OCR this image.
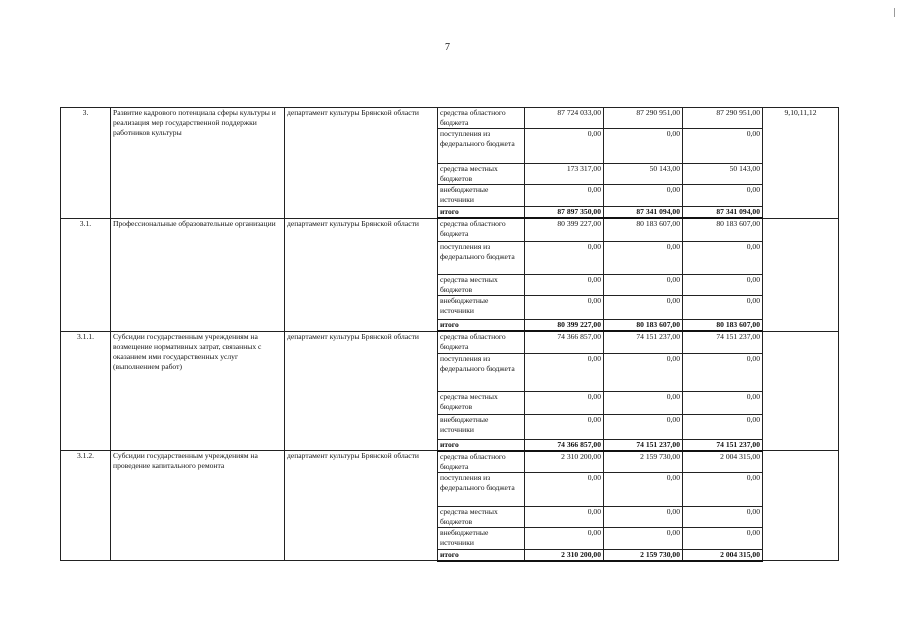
7
3.	Развитие кадрового потенциала сферы культуры и реализация мер государственной поддержки работников культуры	департамент культуры Брянской области	средства областного бюджета	87 724 033,00	87 290 951,00	87 290 951,00	9,10,11,12
			поступления из федерального бюджета	0,00	0,00	0,00	
			средства местных бюджетов	173 317,00	50 143,00	50 143,00	
			внебюджетные источники	0,00	0,00	0,00	
			итого	87 897 350,00	87 341 094,00	87 341 094,00	
3.1.	Профессиональные образовательные организации	департамент культуры Брянской области	средства областного бюджета	80 399 227,00	80 183 607,00	80 183 607,00	
			поступления из федерального бюджета	0,00	0,00	0,00	
			средства местных бюджетов	0,00	0,00	0,00	
			внебюджетные источники	0,00	0,00	0,00	
			итого	80 399 227,00	80 183 607,00	80 183 607,00	
3.1.1.	Субсидии государственным учреждениям на возмещение нормативных затрат, связанных с оказанием ими государственных услуг (выполнением работ)	департамент культуры Брянской области	средства областного бюджета	74 366 857,00	74 151 237,00	74 151 237,00	
			поступления из федерального бюджета	0,00	0,00	0,00	
			средства местных бюджетов	0,00	0,00	0,00	
			внебюджетные источники	0,00	0,00	0,00	
			итого	74 366 857,00	74 151 237,00	74 151 237,00	
3.1.2.	Субсидии государственным учреждениям на проведение капитального ремонта	департамент культуры Брянской области	средства областного бюджета	2 310 200,00	2 159 730,00	2 004 315,00	
			поступления из федерального бюджета	0,00	0,00	0,00	
			средства местных бюджетов	0,00	0,00	0,00	
			внебюджетные источники	0,00	0,00	0,00	
			итого	2 310 200,00	2 159 730,00	2 004 315,00	
